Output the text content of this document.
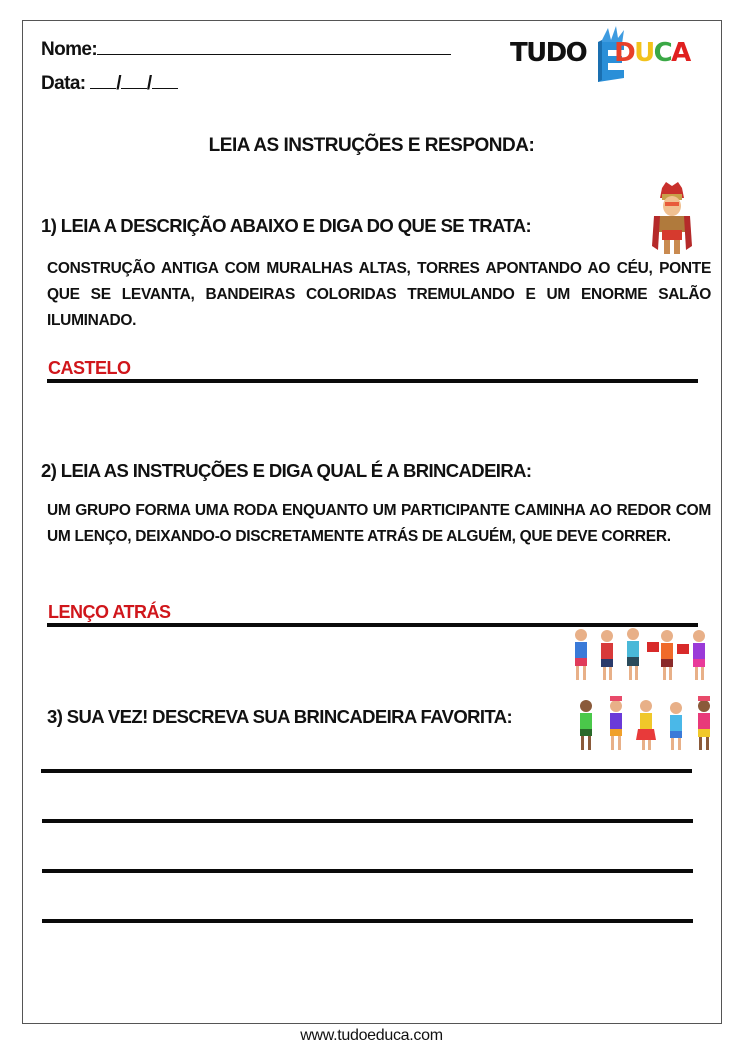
Nome:
Data: / /
TUDO DUCA
LEIA AS INSTRUÇÕES E RESPONDA:
1) LEIA A DESCRIÇÃO ABAIXO E DIGA DO QUE SE TRATA:
CONSTRUÇÃO ANTIGA COM MURALHAS ALTAS, TORRES APONTANDO AO CÉU, PONTE QUE SE LEVANTA, BANDEIRAS COLORIDAS TREMULANDO E UM ENORME SALÃO ILUMINADO.
CASTELO
2) LEIA AS INSTRUÇÕES E DIGA QUAL É A BRINCADEIRA:
UM GRUPO FORMA UMA RODA ENQUANTO UM PARTICIPANTE CAMINHA AO REDOR COM UM LENÇO, DEIXANDO-O DISCRETAMENTE ATRÁS DE ALGUÉM, QUE DEVE CORRER.
LENÇO ATRÁS
3) SUA VEZ! DESCREVA SUA BRINCADEIRA FAVORITA:
www.tudoeduca.com
